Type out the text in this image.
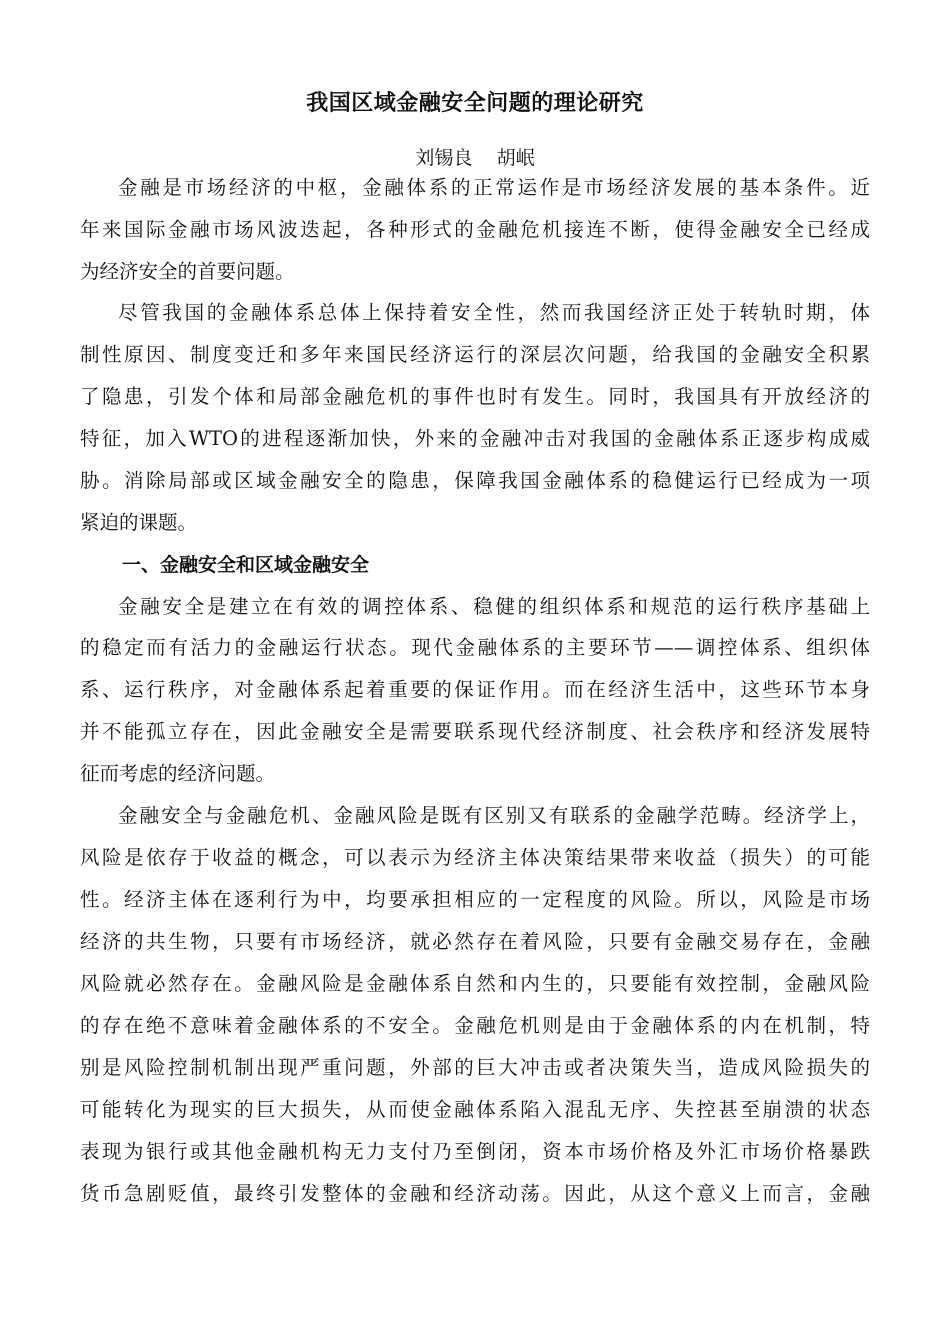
我国区域金融安全问题的理论研究
刘锡良    胡岷
金融是市场经济的中枢，金融体系的正常运作是市场经济发展的基本条件。近
年来国际金融市场风波迭起，各种形式的金融危机接连不断，使得金融安全已经成
为经济安全的首要问题。
尽管我国的金融体系总体上保持着安全性，然而我国经济正处于转轨时期，体
制性原因、制度变迁和多年来国民经济运行的深层次问题，给我国的金融安全积累
了隐患，引发个体和局部金融危机的事件也时有发生。同时，我国具有开放经济的
特征，加入WTO的进程逐渐加快，外来的金融冲击对我国的金融体系正逐步构成威
胁。消除局部或区域金融安全的隐患，保障我国金融体系的稳健运行已经成为一项
紧迫的课题。
一、金融安全和区域金融安全
金融安全是建立在有效的调控体系、稳健的组织体系和规范的运行秩序基础上
的稳定而有活力的金融运行状态。现代金融体系的主要环节——调控体系、组织体
系、运行秩序，对金融体系起着重要的保证作用。而在经济生活中，这些环节本身
并不能孤立存在，因此金融安全是需要联系现代经济制度、社会秩序和经济发展特
征而考虑的经济问题。
金融安全与金融危机、金融风险是既有区别又有联系的金融学范畴。经济学上，
风险是依存于收益的概念，可以表示为经济主体决策结果带来收益（损失）的可能
性。经济主体在逐利行为中，均要承担相应的一定程度的风险。所以，风险是市场
经济的共生物，只要有市场经济，就必然存在着风险，只要有金融交易存在，金融
风险就必然存在。金融风险是金融体系自然和内生的，只要能有效控制，金融风险
的存在绝不意味着金融体系的不安全。金融危机则是由于金融体系的内在机制，特
别是风险控制机制出现严重问题，外部的巨大冲击或者决策失当，造成风险损失的
可能转化为现实的巨大损失，从而使金融体系陷入混乱无序、失控甚至崩溃的状态
表现为银行或其他金融机构无力支付乃至倒闭，资本市场价格及外汇市场价格暴跌
货币急剧贬值，最终引发整体的金融和经济动荡。因此，从这个意义上而言，金融
